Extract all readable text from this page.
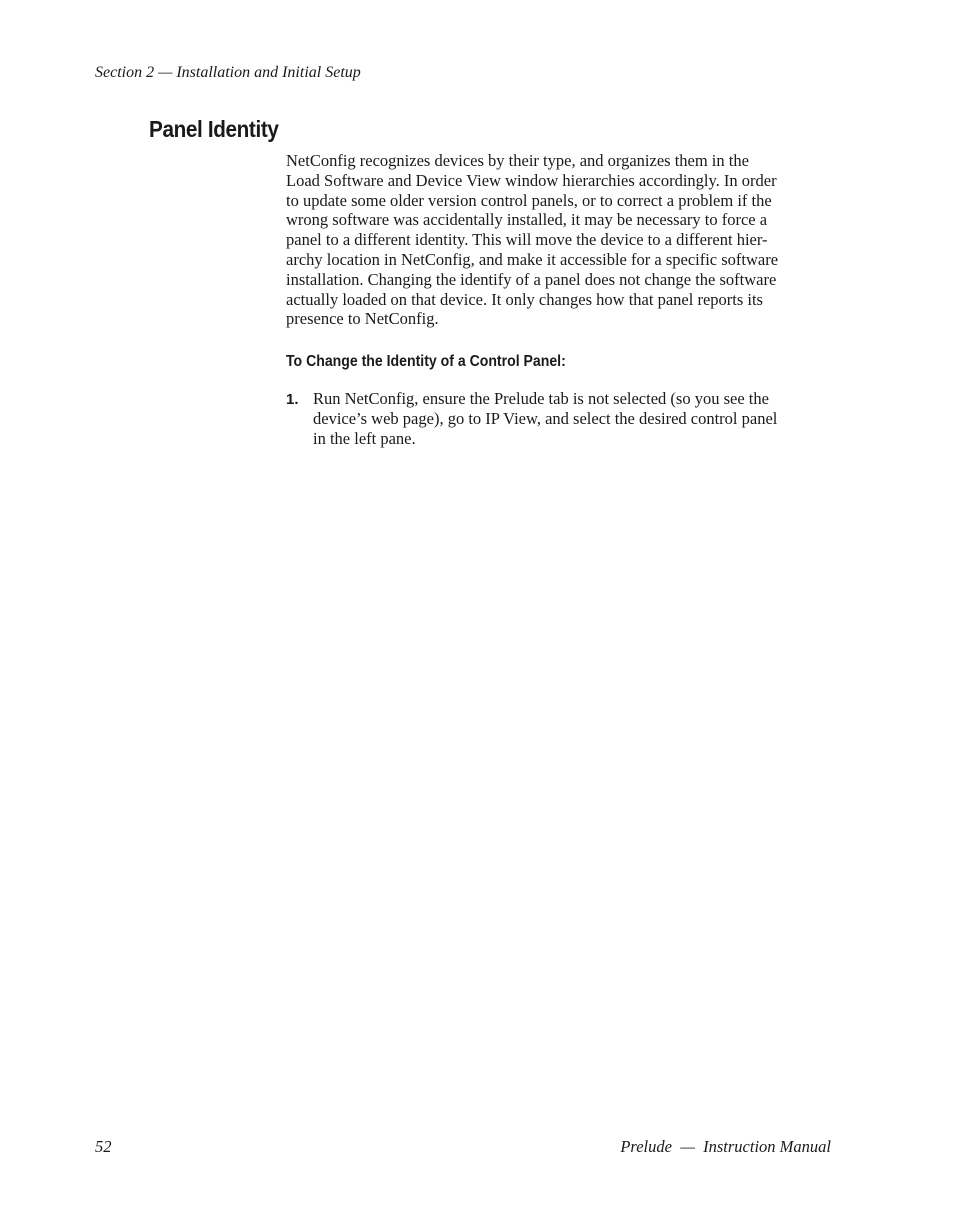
Section 2 — Installation and Initial Setup
Panel Identity

NetConfig recognizes devices by their type, and organizes them in the
Load Software and Device View window hierarchies accordingly. In order
to update some older version control panels, or to correct a problem if the
wrong software was accidentally installed, it may be necessary to force a
panel to a different identity. This will move the device to a different hier-
archy location in NetConfig, and make it accessible for a specific software
installation. Changing the identify of a panel does not change the software
actually loaded on that device. It only changes how that panel reports its
presence to NetConfig.

To Change the Identity of a Control Panel:
1. Run NetConfig, ensure the Prelude tab is not selected (so you see the
device’s web page), go to IP View, and select the desired control panel
in the left pane.

52	Prelude  —  Instruction Manual
